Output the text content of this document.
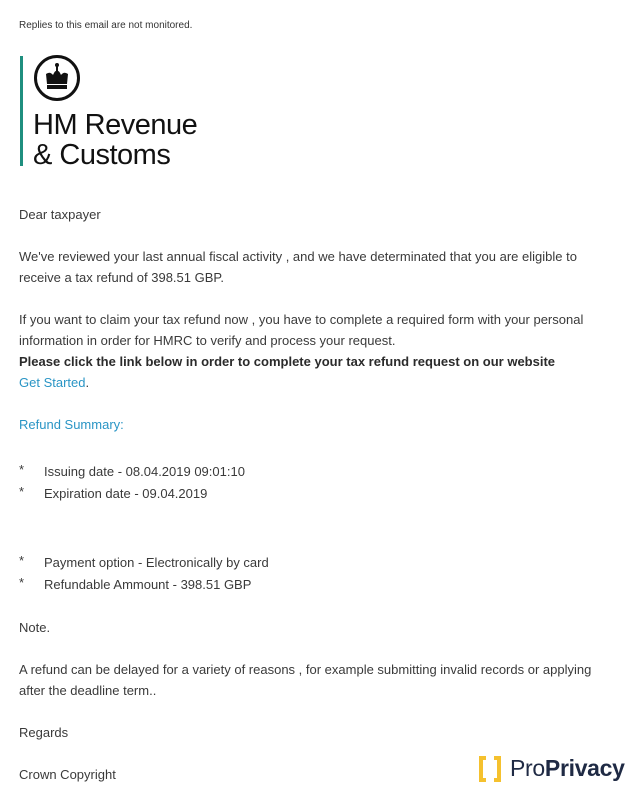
Replies to this email are not monitored.
HM Revenue
& Customs
Dear taxpayer
We've reviewed your last annual fiscal activity , and we have determinated that you are eligible to
receive a tax refund of 398.51 GBP.
If you want to claim your tax refund now , you have to complete a required form with your personal
information in order for HMRC to verify and process your request.
Please click the link below in order to complete your tax refund request on our website
Get Started.
Refund Summary:
* Issuing date - 08.04.2019 09:01:10
* Expiration date - 09.04.2019
* Payment option - Electronically by card
* Refundable Ammount - 398.51 GBP
Note.
A refund can be delayed for a variety of reasons , for example submitting invalid records or applying
after the deadline term..
Regards
Crown Copyright	ProPrivacy
